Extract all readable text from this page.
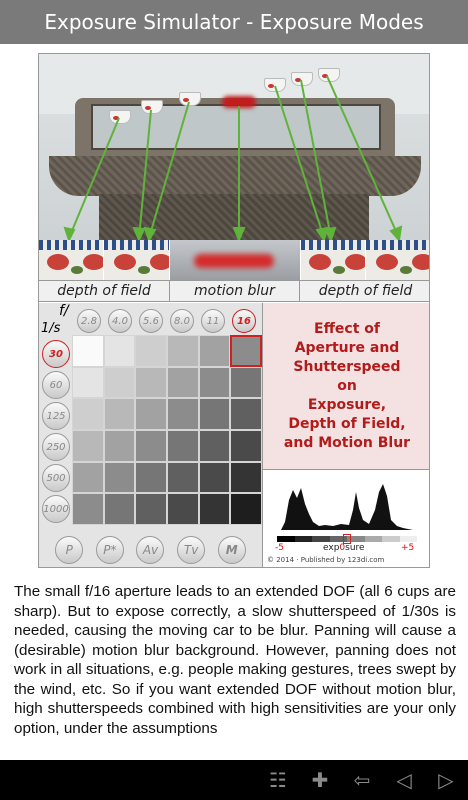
Exposure Simulator - Exposure Modes
depth of field	motion blur	depth of field
f/
1/s	2.8	4.0	5.6	8.0	11	16
30
60
125
250
500
1000
P	P*	Av	Tv	M
Effect of
Aperture and
Shutterspeed
on
Exposure,
Depth of Field,
and Motion Blur
-5	exp0sure	+5
© 2014 · Published by 123di.com
The small f/16 aperture leads to an extended DOF (all 6 cups are sharp). But to expose correctly, a slow shutterspeed of 1/30s is needed, causing the moving car to be blur. Panning will cause a (desirable) motion blur background. However, panning does not work in all situations, e.g. people making gestures, trees swept by the wind, etc. So if you want extended DOF without motion blur, high shutterspeeds combined with high sensitivities are your only option, under the assumptions
☷ ✚ ⇦ ◁ ▷
